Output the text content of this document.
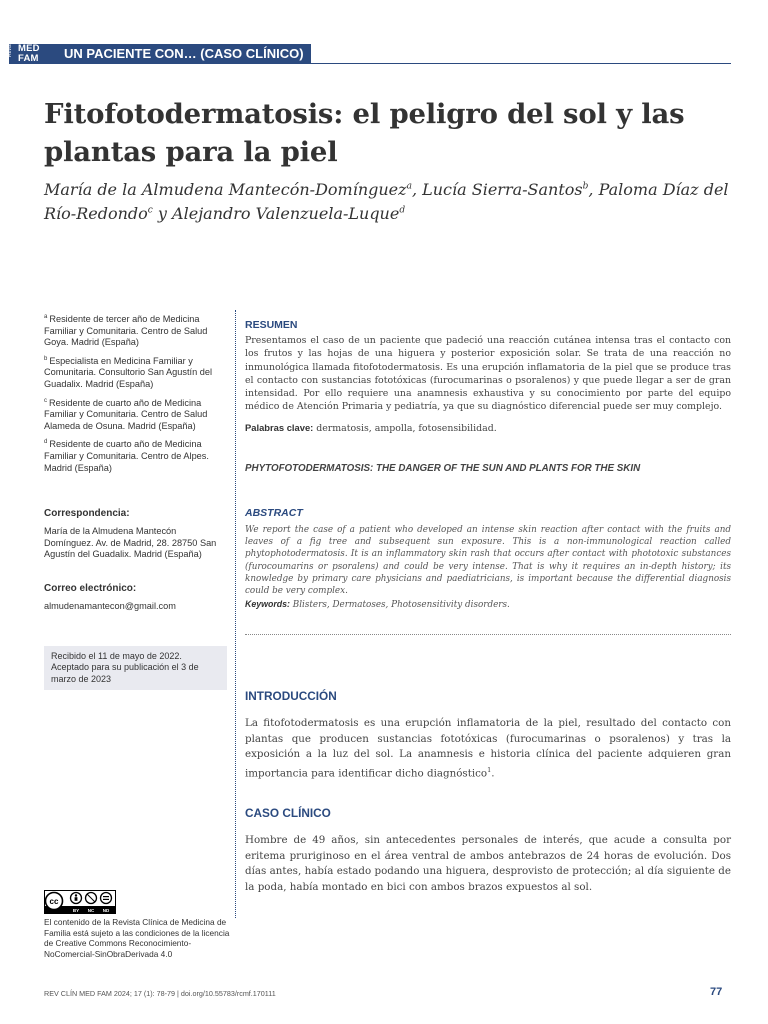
Revista MED
FAM	UN PACIENTE CON… (CASO CLÍNICO)
Fitofotodermatosis: el peligro del sol y las plantas para la piel
María de la Almudena Mantecón-Domínguez$^a$, Lucía Sierra-Santos$^b$, Paloma Díaz del Río-Redondo$^c$ y Alejandro Valenzuela-Luque$^d$
$^a$ Residente de tercer año de Medicina Familiar y Comunitaria. Centro de Salud Goya. Madrid (España)
$^b$ Especialista en Medicina Familiar y Comunitaria. Consultorio San Agustín del Guadalix. Madrid (España)
$^c$ Residente de cuarto año de Medicina Familiar y Comunitaria. Centro de Salud Alameda de Osuna. Madrid (España)
$^d$ Residente de cuarto año de Medicina Familiar y Comunitaria. Centro de Alpes. Madrid (España)
Correspondencia:
María de la Almudena Mantecón Domínguez. Av. de Madrid, 28. 28750 San Agustín del Guadalix. Madrid (España)
Correo electrónico:
almudenamantecon@gmail.com
Recibido el 11 de mayo de 2022. Aceptado para su publicación el 3 de marzo de 2023
cc
BY NC ND
El contenido de la Revista Clínica de Medicina de Familia está sujeto a las condiciones de la licencia de Creative Commons Reconocimiento-NoComercial-SinObraDerivada 4.0
RESUMEN
Presentamos el caso de un paciente que padeció una reacción cutánea intensa tras el contacto con los frutos y las hojas de una higuera y posterior exposición solar. Se trata de una reacción no inmunológica llamada fitofotodermatosis. Es una erupción inflamatoria de la piel que se produce tras el contacto con sustancias fototóxicas (furocumarinas o psoralenos) y que puede llegar a ser de gran intensidad. Por ello requiere una anamnesis exhaustiva y su conocimiento por parte del equipo médico de Atención Primaria y pediatría, ya que su diagnóstico diferencial puede ser muy complejo.
Palabras clave: dermatosis, ampolla, fotosensibilidad.
PHYTOFOTODERMATOSIS: THE DANGER OF THE SUN AND PLANTS FOR THE SKIN
ABSTRACT
We report the case of a patient who developed an intense skin reaction after contact with the fruits and leaves of a fig tree and subsequent sun exposure. This is a non-immunological reaction called phytophotodermatosis. It is an inflammatory skin rash that occurs after contact with phototoxic substances (furocoumarins or psoralens) and could be very intense. That is why it requires an in-depth history; its knowledge by primary care physicians and paediatricians, is important because the differential diagnosis could be very complex.
Keywords: Blisters, Dermatoses, Photosensitivity disorders.
INTRODUCCIÓN
La fitofotodermatosis es una erupción inflamatoria de la piel, resultado del contacto con plantas que producen sustancias fototóxicas (furocumarinas o psoralenos) y tras la exposición a la luz del sol. La anamnesis e historia clínica del paciente adquieren gran importancia para identificar dicho diagnóstico$^1$.
CASO CLÍNICO
Hombre de 49 años, sin antecedentes personales de interés, que acude a consulta por eritema pruriginoso en el área ventral de ambos antebrazos de 24 horas de evolución. Dos días antes, había estado podando una higuera, desprovisto de protección; al día siguiente de la poda, había montado en bici con ambos brazos expuestos al sol.
REV CLÍN MED FAM 2024; 17 (1): 78-79 | doi.org/10.55783/rcmf.170111	77
